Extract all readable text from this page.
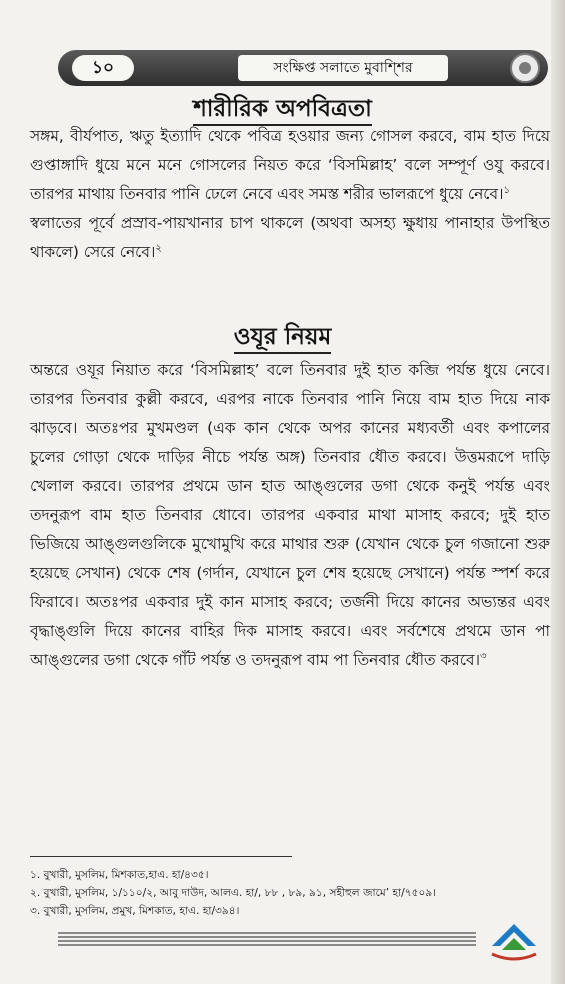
১০	সংক্ষিপ্ত সলাতে মুবাশ্শির
শারীরিক অপবিত্রতা
সঙ্গম, বীর্যপাত, ঋতু ইত্যাদি থেকে পবিত্র হওয়ার জন্য গোসল করবে, বাম হাত দিয়ে গুপ্তাঙ্গাদি ধুয়ে মনে মনে গোসলের নিয়ত করে ‘বিসমিল্লাহ’ বলে সম্পূর্ণ ওযু করবে। তারপর মাথায় তিনবার পানি ঢেলে নেবে এবং সমস্ত শরীর ভালরূপে ধুয়ে নেবে।$^১$
স্বলাতের পূর্বে প্রস্রাব-পায়খানার চাপ থাকলে (অথবা অসহ্য ক্ষুধায় পানাহার উপস্থিত থাকলে) সেরে নেবে।$^২$
ওযূর নিয়ম
অন্তরে ওযূর নিয়াত করে ‘বিসমিল্লাহ’ বলে তিনবার দুই হাত কব্জি পর্যন্ত ধুয়ে নেবে। তারপর তিনবার কুল্লী করবে, এরপর নাকে তিনবার পানি নিয়ে বাম হাত দিয়ে নাক ঝাড়বে। অতঃপর মুখমণ্ডল (এক কান থেকে অপর কানের মধ্যবর্তী এবং কপালের চুলের গোড়া থেকে দাড়ির নীচে পর্যন্ত অঙ্গ) তিনবার ধৌত করবে। উত্তমরূপে দাড়ি খেলাল করবে। তারপর প্রথমে ডান হাত আঙ্গুলের ডগা থেকে কনুই পর্যন্ত এবং তদনুরূপ বাম হাত তিনবার ধোবে। তারপর একবার মাথা মাসাহ করবে; দুই হাত ভিজিয়ে আঙ্গুলগুলিকে মুখোমুখি করে মাথার শুরু (যেখান থেকে চুল গজানো শুরু হয়েছে সেখান) থেকে শেষ (গর্দান, যেখানে চুল শেষ হয়েছে সেখানে) পর্যন্ত স্পর্শ করে ফিরাবে। অতঃপর একবার দুই কান মাসাহ করবে; তর্জনী দিয়ে কানের অভ্যন্তর এবং বৃদ্ধাঙ্গুলি দিয়ে কানের বাহির দিক মাসাহ করবে। এবং সর্বশেষে প্রথমে ডান পা আঙ্গুলের ডগা থেকে গাঁট পর্যন্ত ও তদনুরূপ বাম পা তিনবার ধৌত করবে।$^৩$
১. বুখারী, মুসলিম, মিশকাত,হাএ. হা/৪৩৫।
২. বুখারী, মুসলিম, ১/১১০/২, আবু দাউদ, আলএ. হা/, ৮৮ , ৮৯, ৯১, সহীহুল জামে’ হা/৭৫০৯।
৩. বুখারী, মুসলিম, প্রমুখ, মিশকাত, হাএ. হা/৩৯৪।
